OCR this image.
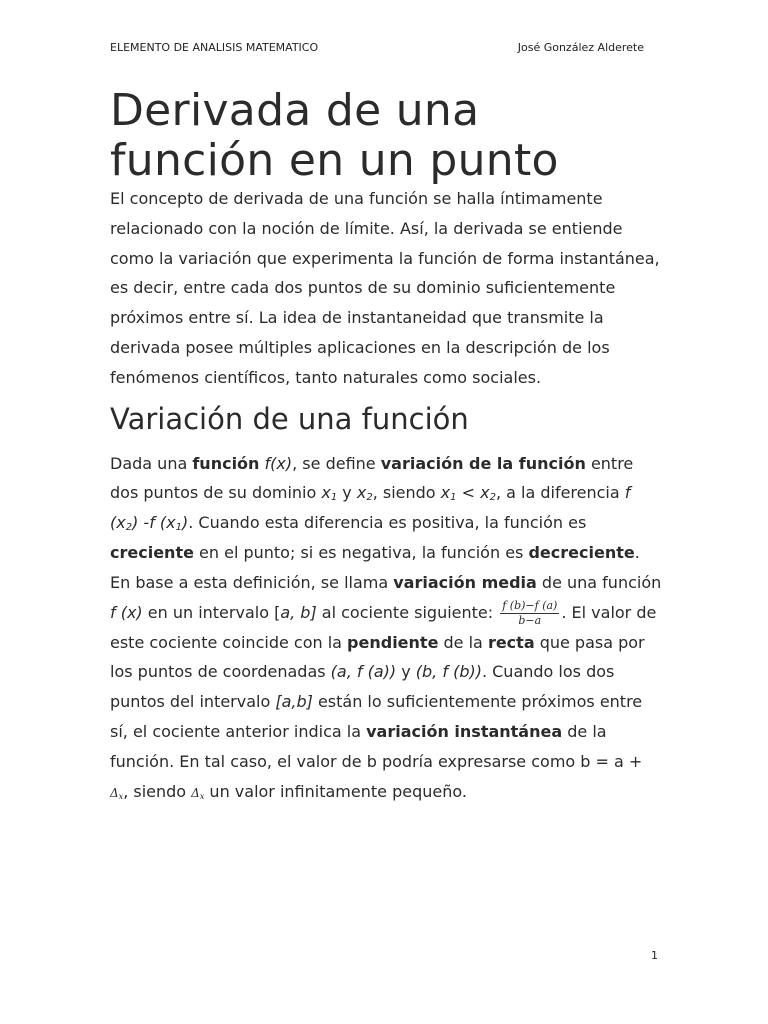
ELEMENTO DE ANALISIS MATEMATICO	José González Alderete
Derivada de una
función en un punto

El concepto de derivada de una función se halla íntimamente relacionado con la noción de límite. Así, la derivada se entiende como la variación que experimenta la función de forma instantánea, es decir, entre cada dos puntos de su dominio suficientemente próximos entre sí. La idea de instantaneidad que transmite la derivada posee múltiples aplicaciones en la descripción de los fenómenos científicos, tanto naturales como sociales.

Variación de una función

Dada una función f(x), se define variación de la función entre dos puntos de su dominio $x_1$ y $x_2$, siendo $x_1 < x_2$, a la diferencia f $(x_2)$ -f $(x_1)$. Cuando esta diferencia es positiva, la función es creciente en el punto; si es negativa, la función es decreciente. En base a esta definición, se llama variación media de una función f (x) en un intervalo [a, b] al cociente siguiente: $\frac{f (b)-f (a)}{b-a}$ . El valor de este cociente coincide con la pendiente de la recta que pasa por los puntos de coordenadas (a, f (a)) y (b, f (b)). Cuando los dos puntos del intervalo [a,b] están lo suficientemente próximos entre sí, el cociente anterior indica la variación instantánea de la función. En tal caso, el valor de b podría expresarse como $b = a + \Delta_x$, siendo $\Delta_x$ un valor infinitamente pequeño.

1
